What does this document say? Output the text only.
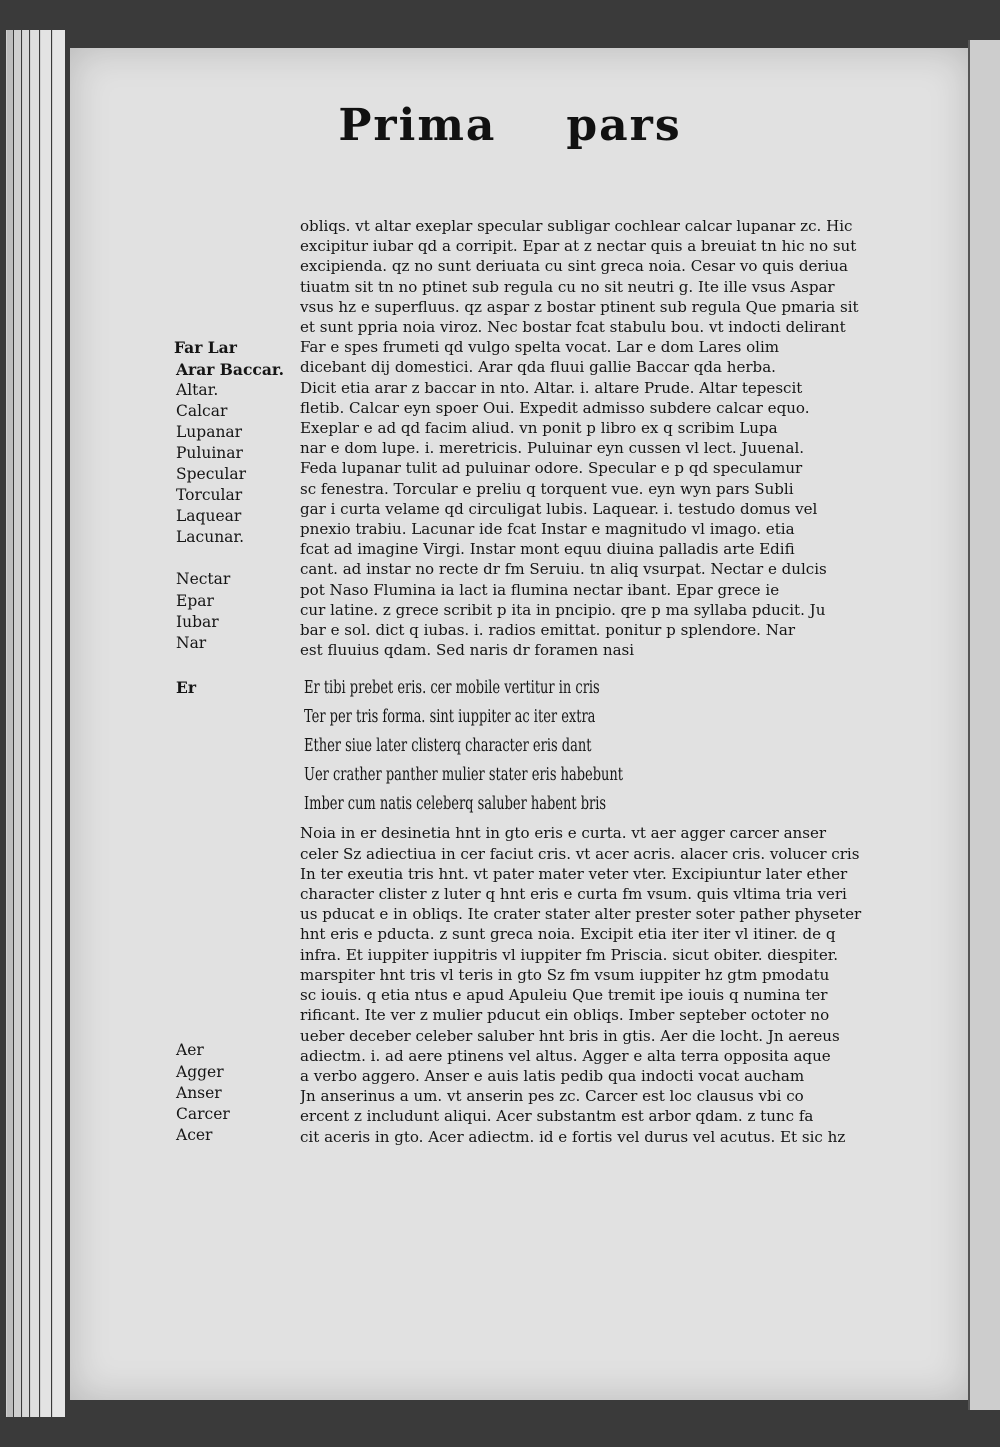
Prima pars
obliqs. vt altar exeplar specular subligar cochlear calcar lupanar zc. Hic
excipitur iubar qd a corripit. Epar at z nectar quis a breuiat tn hic no sut
excipienda. qz no sunt deriuata cu sint greca noia. Cesar vo quis deriua
tiuatm sit tn no ptinet sub regula cu no sit neutri g. Ite ille vsus Aspar
vsus hz e superfluus. qz aspar z bostar ptinent sub regula Que pmaria sit
et sunt ppria noia viroz. Nec bostar fcat stabulu bou. vt indocti delirant
Far e spes frumeti qd vulgo spelta vocat. Lar e dom Lares olim
dicebant dij domestici. Arar qda fluui gallie Baccar qda herba.
Dicit etia arar z baccar in nto. Altar. i. altare Prude. Altar tepescit
fletib. Calcar eyn spoer Oui. Expedit admisso subdere calcar equo.
Exeplar e ad qd facim aliud. vn ponit p libro ex q scribim Lupa
nar e dom lupe. i. meretricis. Puluinar eyn cussen vl lect. Juuenal.
Feda lupanar tulit ad puluinar odore. Specular e p qd speculamur
sc fenestra. Torcular e preliu q torquent vue. eyn wyn pars Subli
gar i curta velame qd circuligat lubis. Laquear. i. testudo domus vel
pnexio trabiu. Lacunar ide fcat Instar e magnitudo vl imago. etia
fcat ad imagine Virgi. Instar mont equu diuina palladis arte Edifi
cant. ad instar no recte dr fm Seruiu. tn aliq vsurpat. Nectar e dulcis
pot Naso Flumina ia lact ia flumina nectar ibant. Epar grece ie
cur latine. z grece scribit p ita in pncipio. qre p ma syllaba pducit. Ju
bar e sol. dict q iubas. i. radios emittat. ponitur p splendore. Nar
est fluuius qdam. Sed naris dr foramen nasi
Er tibi prebet eris. cer mobile vertitur in cris
Ter per tris forma. sint iuppiter ac iter extra
Ether siue later clisterq character eris dant
Uer crather panther mulier stater eris habebunt
Imber cum natis celeberq saluber habent bris
Noia in er desinetia hnt in gto eris e curta. vt aer agger carcer anser
celer Sz adiectiua in cer faciut cris. vt acer acris. alacer cris. volucer cris
In ter exeutia tris hnt. vt pater mater veter vter. Excipiuntur later ether
character clister z luter q hnt eris e curta fm vsum. quis vltima tria veri
us pducat e in obliqs. Ite crater stater alter prester soter pather physeter
hnt eris e pducta. z sunt greca noia. Excipit etia iter iter vl itiner. de q
infra. Et iuppiter iuppitris vl iuppiter fm Priscia. sicut obiter. diespiter.
marspiter hnt tris vl teris in gto Sz fm vsum iuppiter hz gtm pmodatu
sc iouis. q etia ntus e apud Apuleiu Que tremit ipe iouis q numina ter
rificant. Ite ver z mulier pducut ein obliqs. Imber septeber octoter no
ueber deceber celeber saluber hnt bris in gtis. Aer die locht. Jn aereus
adiectm. i. ad aere ptinens vel altus. Agger e alta terra opposita aque
a verbo aggero. Anser e auis latis pedib qua indocti vocat aucham
Jn anserinus a um. vt anserin pes zc. Carcer est loc clausus vbi co
ercent z includunt aliqui. Acer substantm est arbor qdam. z tunc fa
cit aceris in gto. Acer adiectm. id e fortis vel durus vel acutus. Et sic hz
Far Lar
Arar Baccar.
Altar.
Calcar
Lupanar
Puluinar
Specular
Torcular
Laquear
Lacunar.
Nectar
Epar
Iubar
Nar
Er
Aer
Agger
Anser
Carcer
Acer
